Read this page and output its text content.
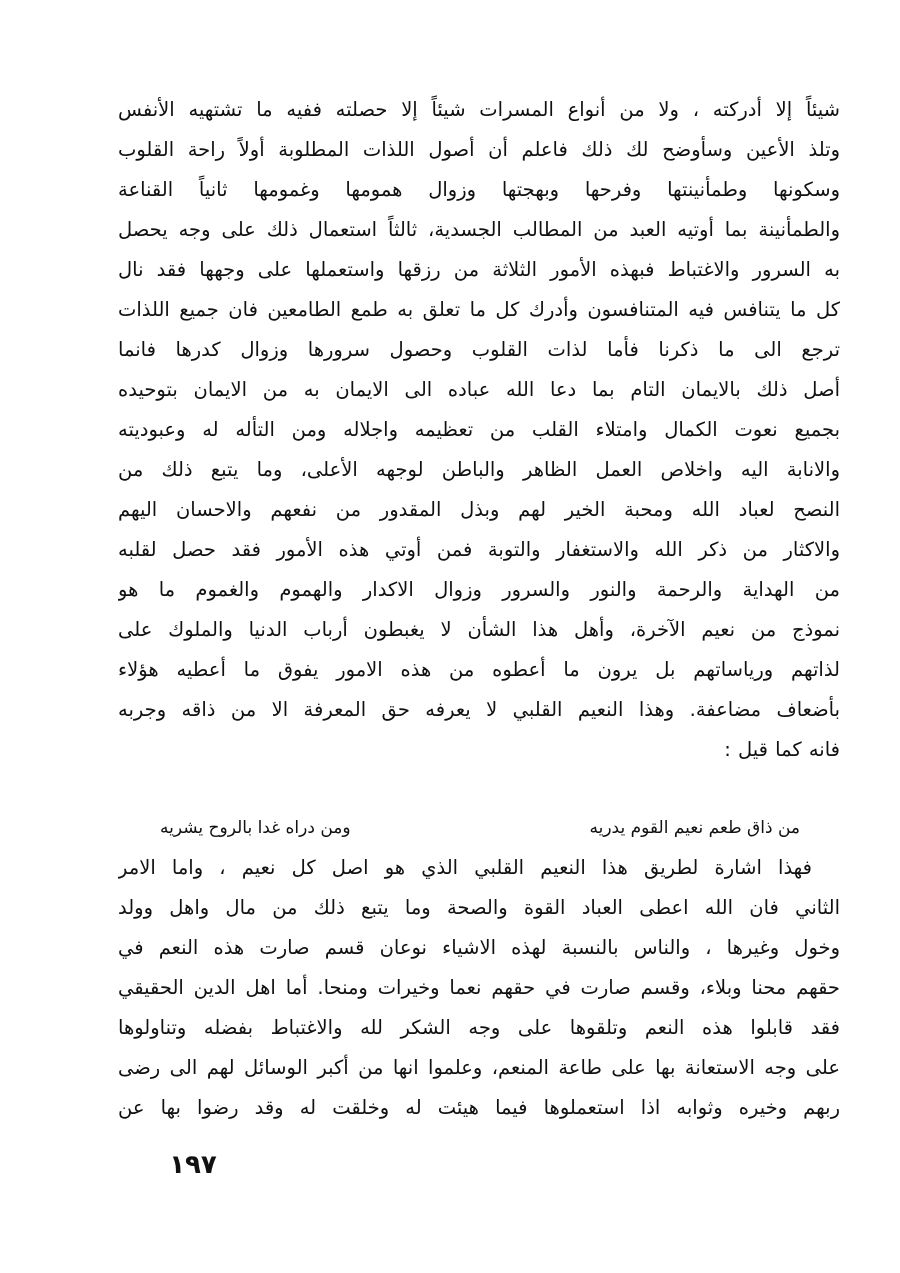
شيئاً إلا أدركته ، ولا من أنواع المسرات شيئاً إلا حصلته ففيه ما تشتهيه الأنفس
وتلذ الأعين وسأوضح لك ذلك فاعلم أن أصول اللذات المطلوبة أولاً راحة القلوب
وسكونها وطمأنينتها وفرحها وبهجتها وزوال همومها وغمومها ثانياً القناعة
والطمأنينة بما أوتيه العبد من المطالب الجسدية، ثالثاً استعمال ذلك على وجه يحصل
به السرور والاغتباط فبهذه الأمور الثلاثة من رزقها واستعملها على وجهها فقد نال
كل ما يتنافس فيه المتنافسون وأدرك كل ما تعلق به طمع الطامعين فان جميع اللذات
ترجع الى ما ذكرنا فأما لذات القلوب وحصول سرورها وزوال كدرها فانما
أصل ذلك بالايمان التام بما دعا الله عباده الى الايمان به من الايمان بتوحيده
بجميع نعوت الكمال وامتلاء القلب من تعظيمه واجلاله ومن التأله له وعبوديته
والانابة اليه واخلاص العمل الظاهر والباطن لوجهه الأعلى، وما يتبع ذلك من
النصح لعباد الله ومحبة الخير لهم وبذل المقدور من نفعهم والاحسان اليهم
والاكثار من ذكر الله والاستغفار والتوبة فمن أوتي هذه الأمور فقد حصل لقلبه
من الهداية والرحمة والنور والسرور وزوال الاكدار والهموم والغموم ما هو
نموذج من نعيم الآخرة، وأهل هذا الشأن لا يغبطون أرباب الدنيا والملوك على
لذاتهم ورياساتهم بل يرون ما أعطوه من هذه الامور يفوق ما أعطيه هؤلاء
بأضعاف مضاعفة. وهذا النعيم القلبي لا يعرفه حق المعرفة الا من ذاقه وجربه
فانه كما قيل :
من ذاق طعم نعيم القوم يدريه
ومن دراه غدا بالروح يشريه
فهذا اشارة لطريق هذا النعيم القلبي الذي هو اصل كل نعيم ، واما الامر
الثاني فان الله اعطى العباد القوة والصحة وما يتبع ذلك من مال واهل وولد
وخول وغيرها ، والناس بالنسبة لهذه الاشياء نوعان قسم صارت هذه النعم في
حقهم محنا وبلاء، وقسم صارت في حقهم نعما وخيرات ومنحا. أما اهل الدين الحقيقي
فقد قابلوا هذه النعم وتلقوها على وجه الشكر لله والاغتباط بفضله وتناولوها
على وجه الاستعانة بها على طاعة المنعم، وعلموا انها من أكبر الوسائل لهم الى رضى
ربهم وخيره وثوابه اذا استعملوها فيما هيئت له وخلقت له وقد رضوا بها عن
١٩٧
